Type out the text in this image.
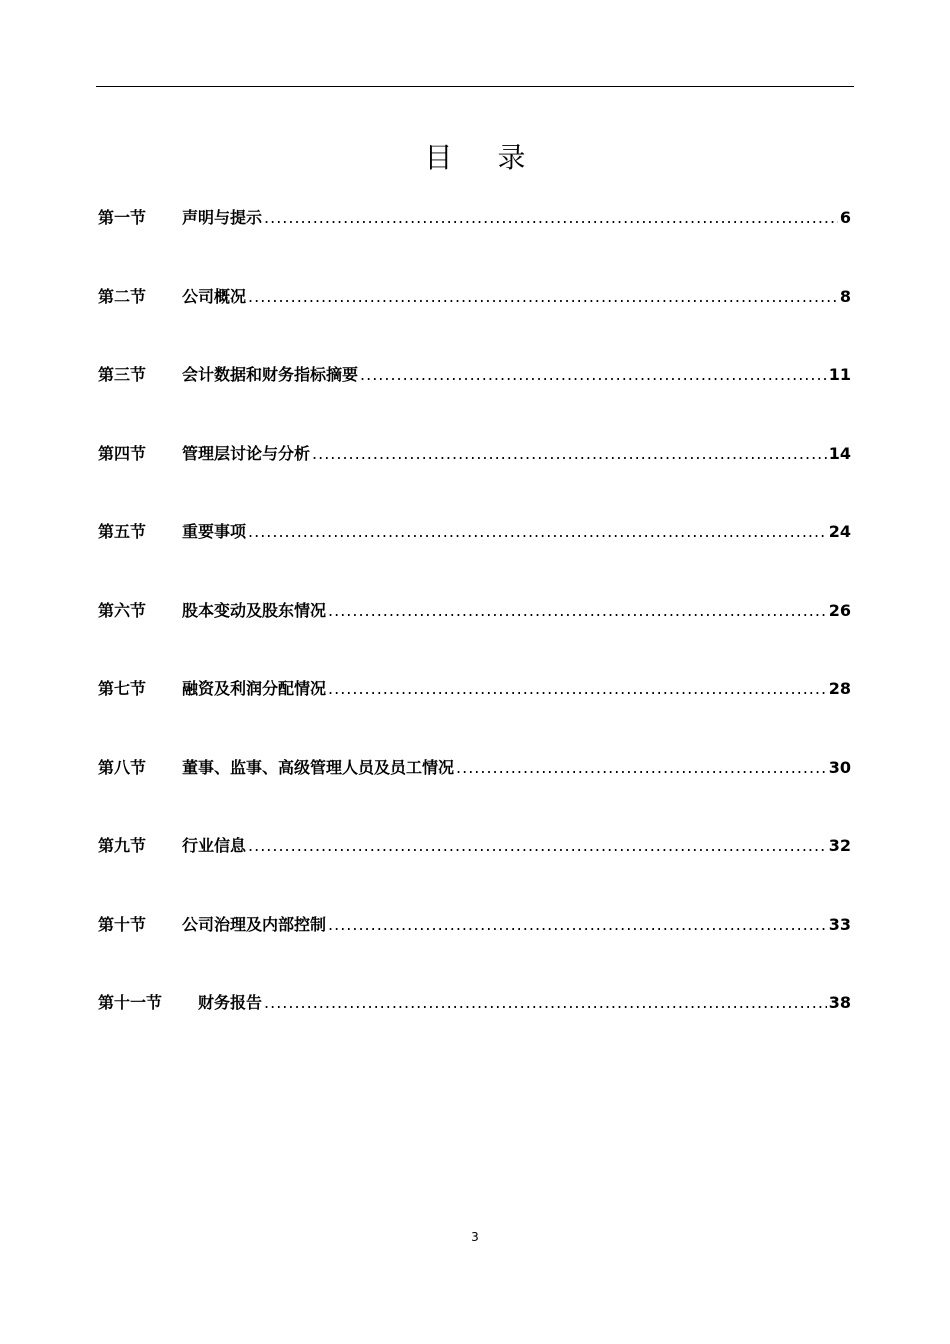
目 录
第一节	声明与提示 .....	6
第二节	公司概况 .....	8
第三节	会计数据和财务指标摘要 .....	11
第四节	管理层讨论与分析 .....	14
第五节	重要事项 .....	24
第六节	股本变动及股东情况 .....	26
第七节	融资及利润分配情况 .....	28
第八节	董事、监事、高级管理人员及员工情况 .....	30
第九节	行业信息 .....	32
第十节	公司治理及内部控制 .....	33
第十一节	财务报告 .....	38
3
